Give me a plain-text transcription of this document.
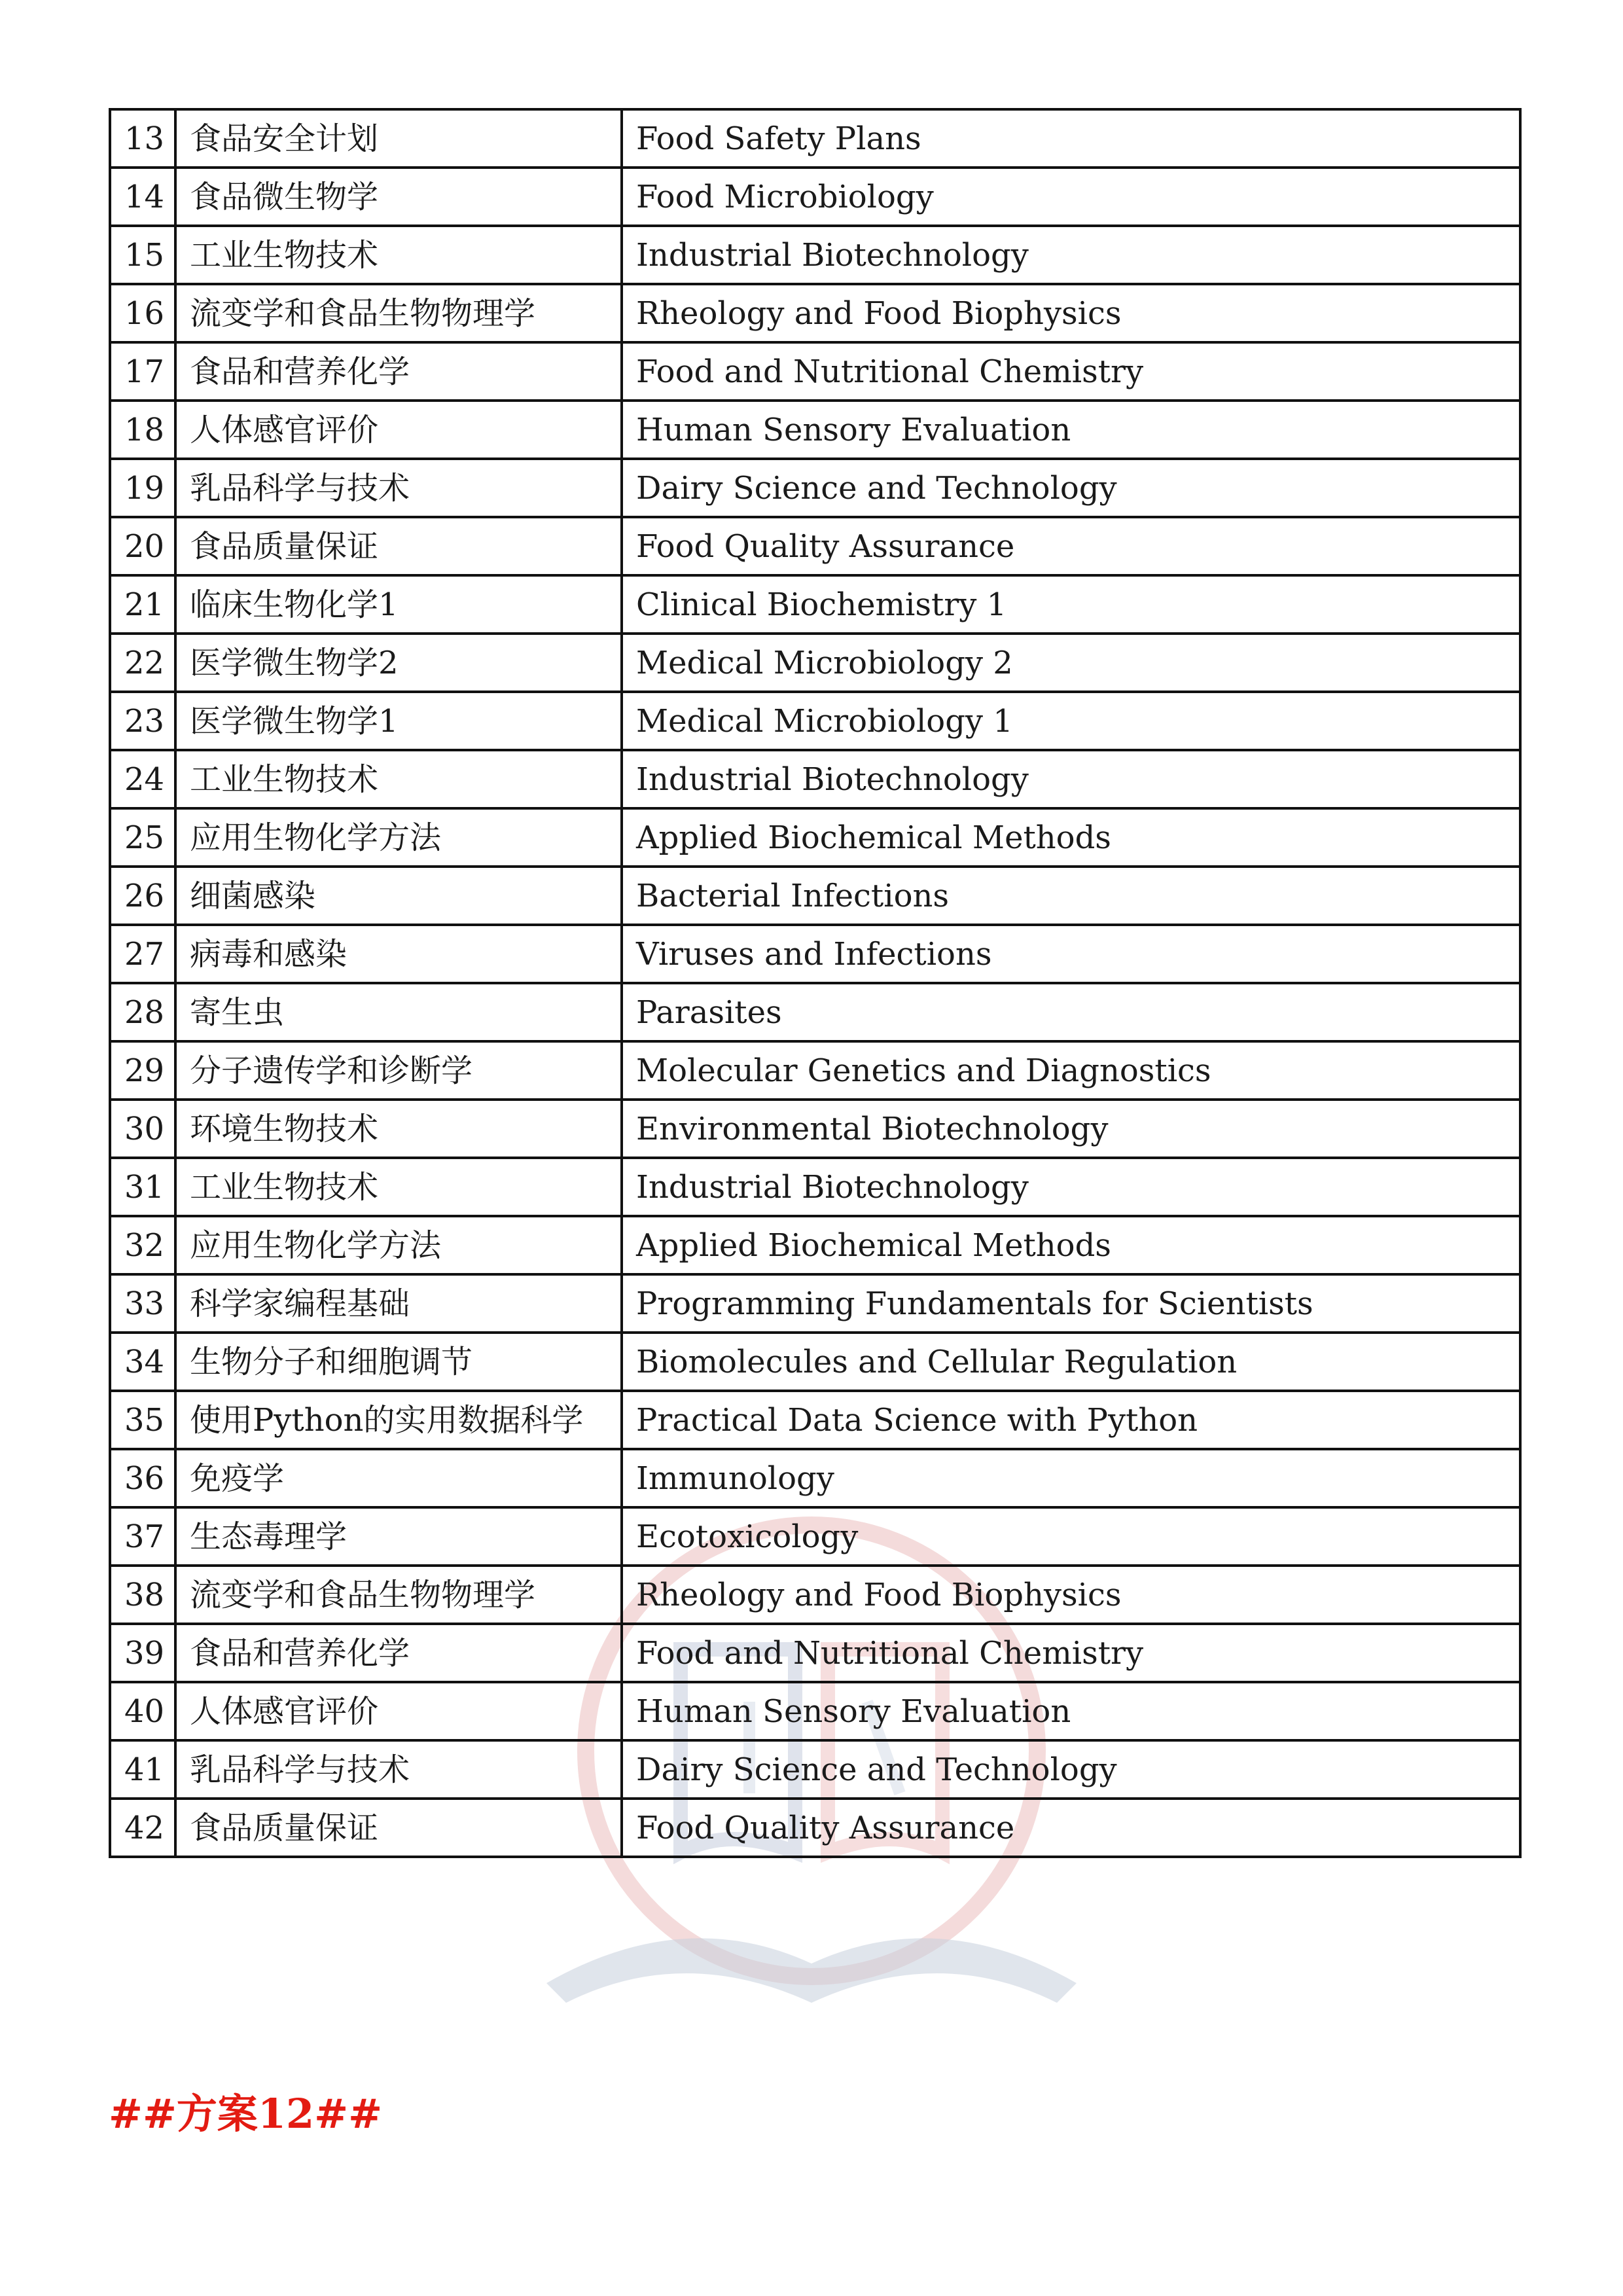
13	食品安全计划	Food Safety Plans
14	食品微生物学	Food Microbiology
15	工业生物技术	Industrial Biotechnology
16	流变学和食品生物物理学	Rheology and Food Biophysics
17	食品和营养化学	Food and Nutritional Chemistry
18	人体感官评价	Human Sensory Evaluation
19	乳品科学与技术	Dairy Science and Technology
20	食品质量保证	Food Quality Assurance
21	临床生物化学1	Clinical Biochemistry 1
22	医学微生物学2	Medical Microbiology 2
23	医学微生物学1	Medical Microbiology 1
24	工业生物技术	Industrial Biotechnology
25	应用生物化学方法	Applied Biochemical Methods
26	细菌感染	Bacterial Infections
27	病毒和感染	Viruses and Infections
28	寄生虫	Parasites
29	分子遗传学和诊断学	Molecular Genetics and Diagnostics
30	环境生物技术	Environmental Biotechnology
31	工业生物技术	Industrial Biotechnology
32	应用生物化学方法	Applied Biochemical Methods
33	科学家编程基础	Programming Fundamentals for Scientists
34	生物分子和细胞调节	Biomolecules and Cellular Regulation
35	使用Python的实用数据科学	Practical Data Science with Python
36	免疫学	Immunology
37	生态毒理学	Ecotoxicology
38	流变学和食品生物物理学	Rheology and Food Biophysics
39	食品和营养化学	Food and Nutritional Chemistry
40	人体感官评价	Human Sensory Evaluation
41	乳品科学与技术	Dairy Science and Technology
42	食品质量保证	Food Quality Assurance
##方案12##
